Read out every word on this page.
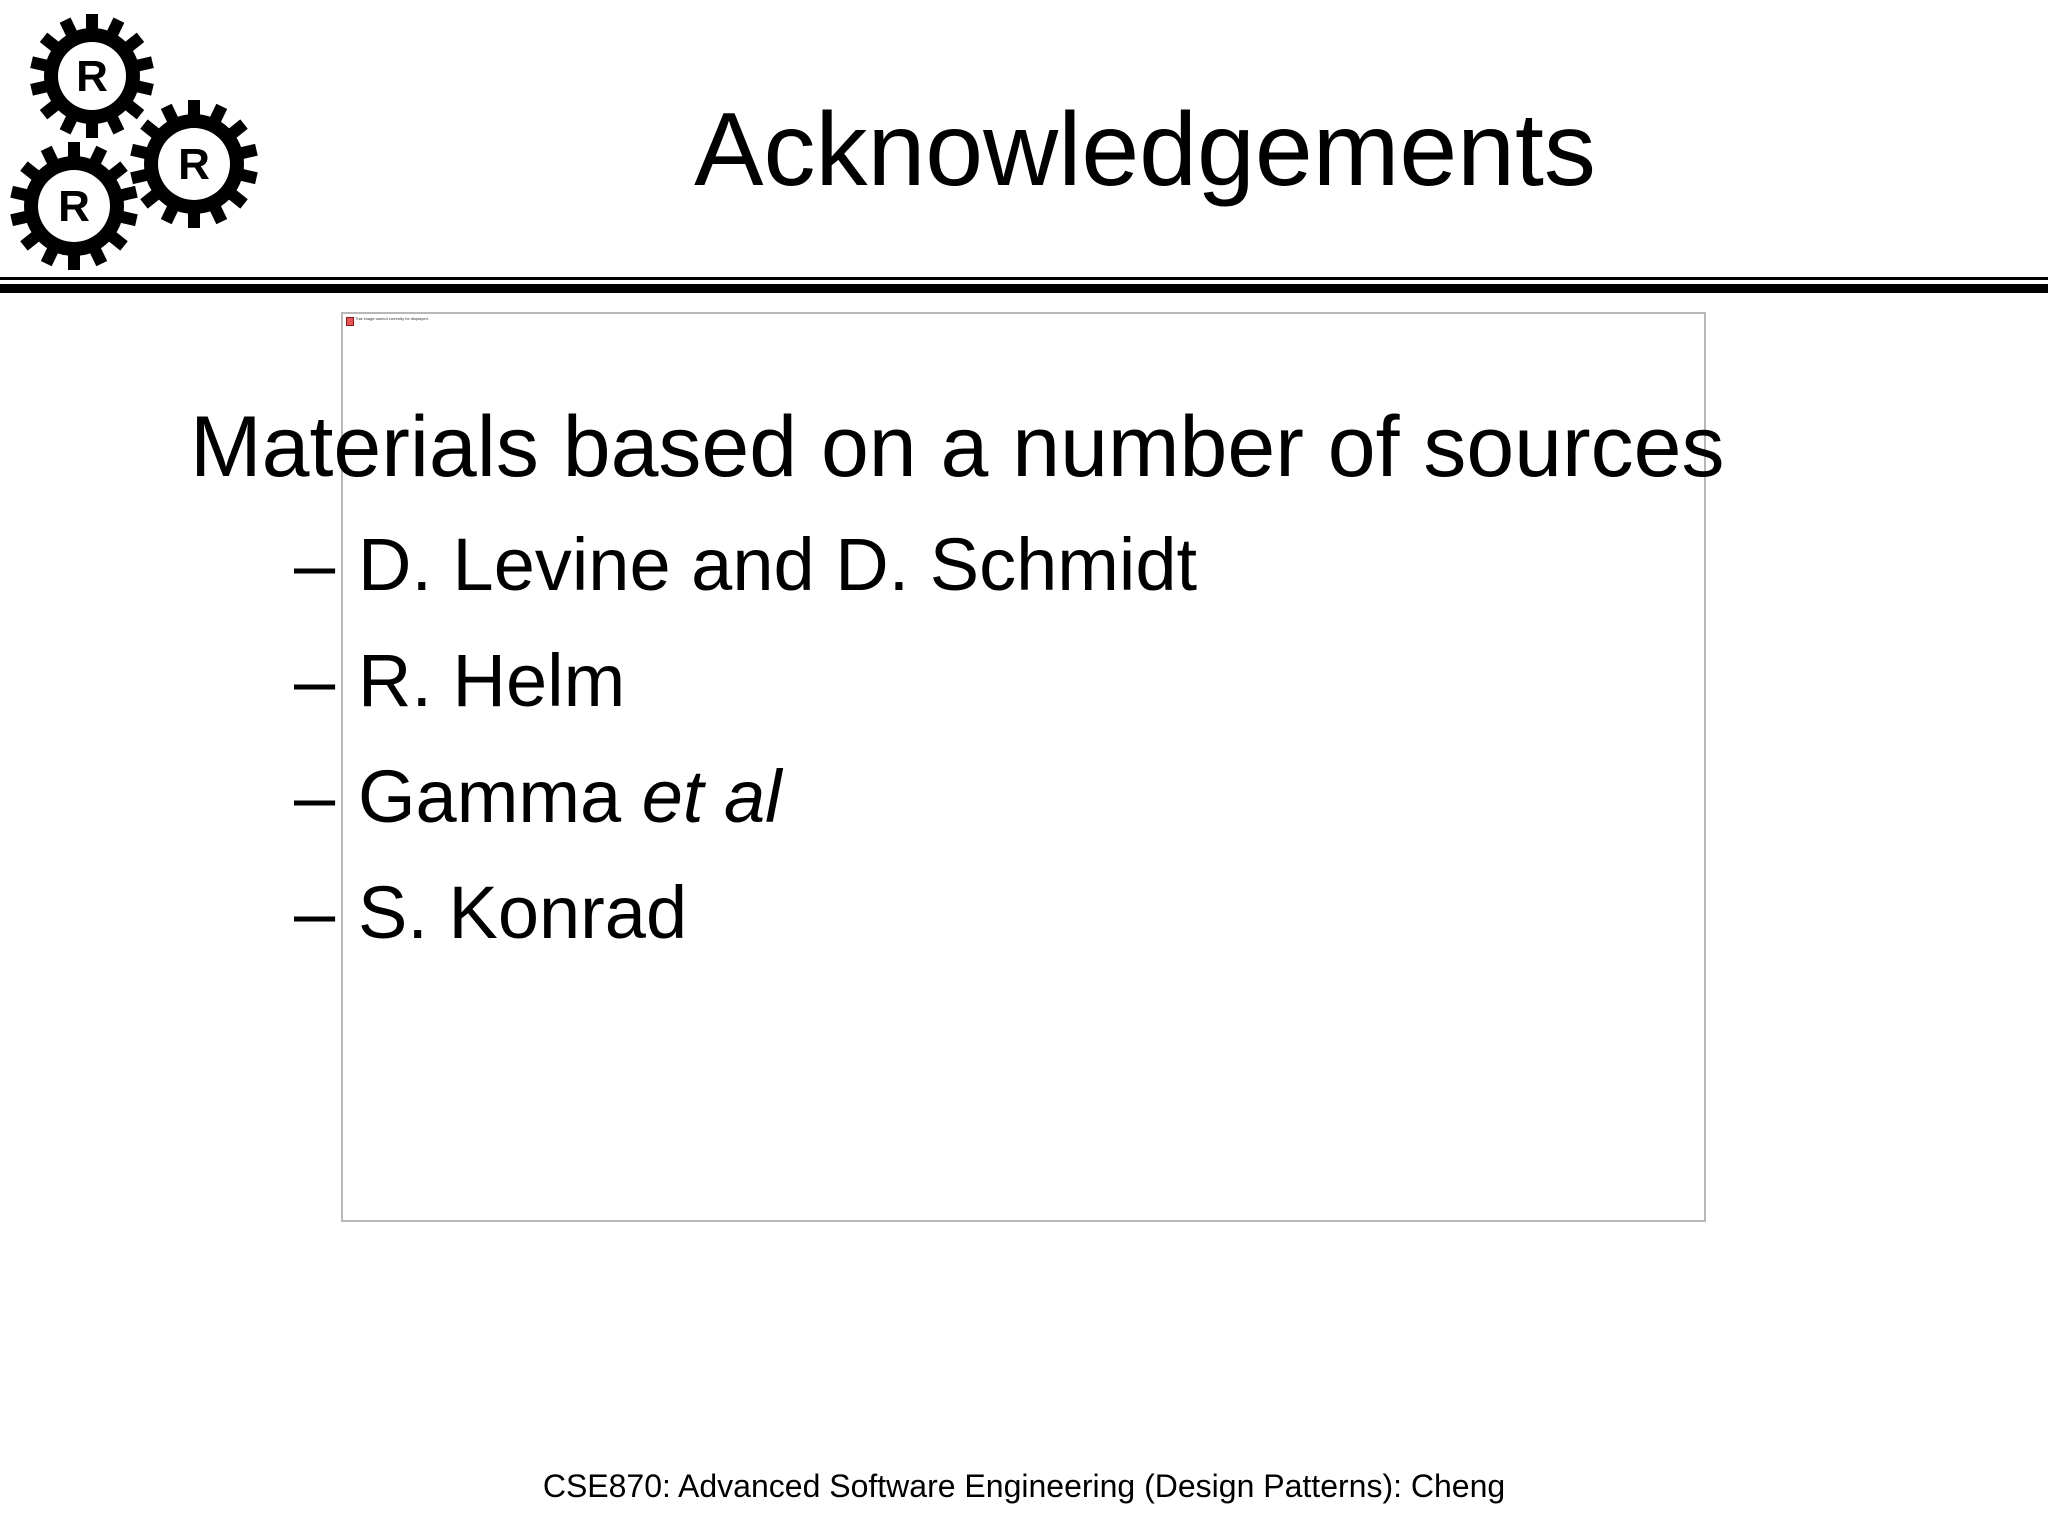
R
R
R	Acknowledgements
This image cannot currently be displayed.
Materials based on a number of sources
– D. Levine and D. Schmidt
– R. Helm
– Gamma et al
– S. Konrad
CSE870: Advanced Software Engineering (Design Patterns): Cheng
